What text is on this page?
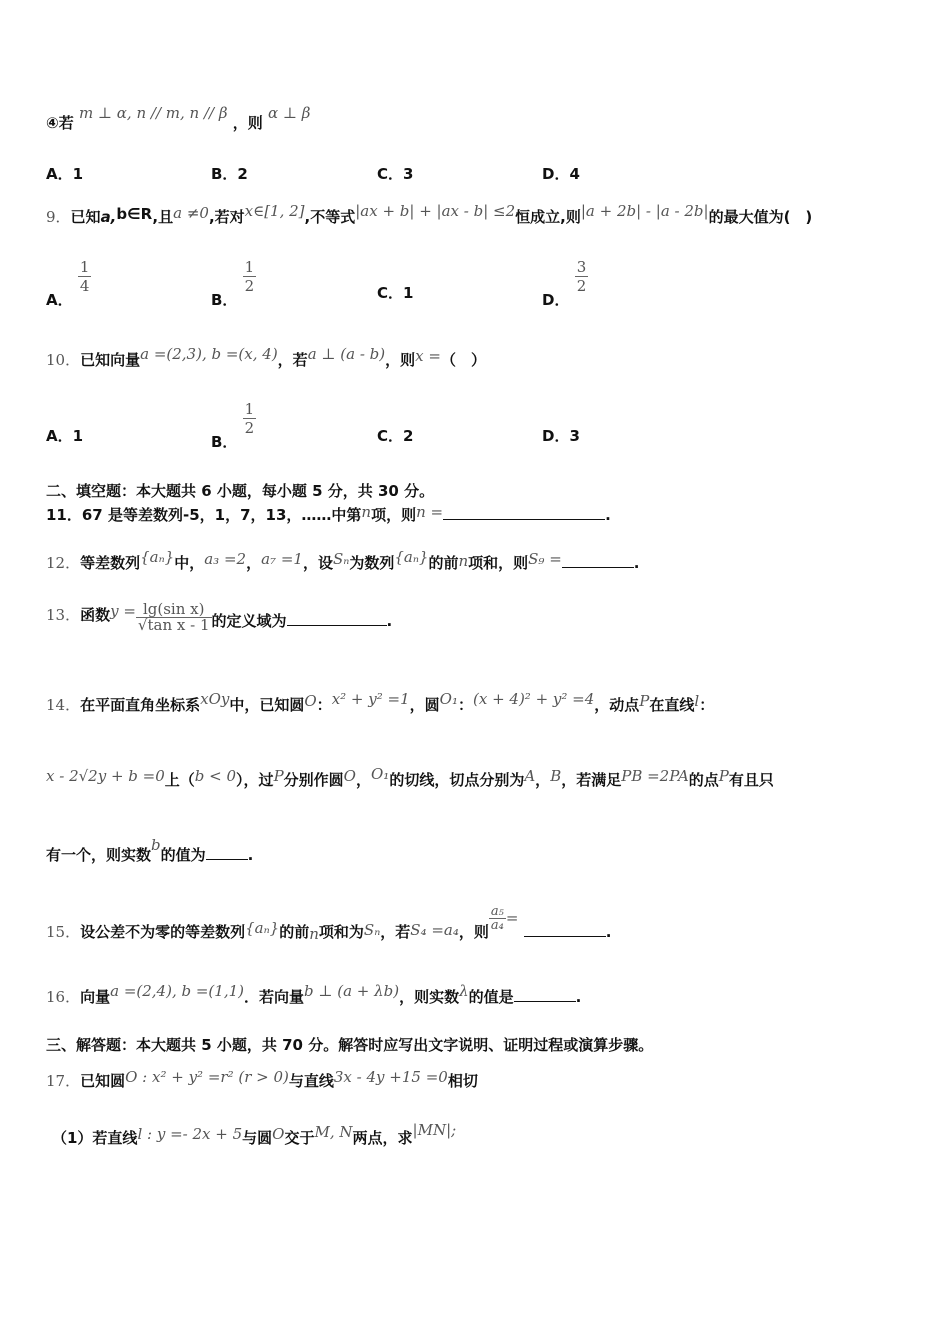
④若 m ⊥ α, n // m, n // β ，则 α ⊥ β
A．1	B．2	C．3	D．4
9．已知a,b∈R,且a ≠0,若对x∈[1, 2],不等式|ax + b| + |ax - b| ≤2恒成立,则|a + 2b| - |a - 2b|的最大值为(　)
A．
$\frac{1}{4}$
B．
$\frac{1}{2}$	C．1	D．
$\frac{3}{2}$
10．已知向量a =(2,3), b =(x, 4)，若a ⊥ (a - b)，则x =（　）
A．1	B．
$\frac{1}{2}$	C．2	D．3
二、填空题：本大题共 6 小题，每小题 5 分，共 30 分。
11．67 是等差数列-5，1，7，13，……中第n项，则n =	.
12．等差数列{aₙ}中，a₃ =2，a₇ =1，设Sₙ为数列{aₙ}的前n项和，则S₉ =	.
13．函数$y = \frac{\text{lg(sin x)}}{\text{√tan x - 1}}$ 的定义域为	.
14．在平面直角坐标系xOy中，已知圆O：x² + y² =1，圆O₁：(x + 4)² + y² =4，动点P在直线l：
x - 2√2y + b =0上（b < 0），过P分别作圆O，O₁的切线，切点分别为A，B，若满足PB =2PA的点P有且只
有一个，则实数b的值为	.
15．设公差不为零的等差数列{aₙ}的前n项和为Sₙ，若S₄ =a₄，则 $\frac{\text{a₅}}{\text{a₄}}$ = .
16．向量a =(2,4), b =(1,1)．若向量b ⊥ (a + λb)，则实数λ的值是	.
三、解答题：本大题共 5 小题，共 70 分。解答时应写出文字说明、证明过程或演算步骤。
17．已知圆O : x² + y² =r² (r > 0)与直线3x - 4y +15 =0相切
（1）若直线l : y =- 2x + 5与圆O交于M, N两点，求|MN|;
